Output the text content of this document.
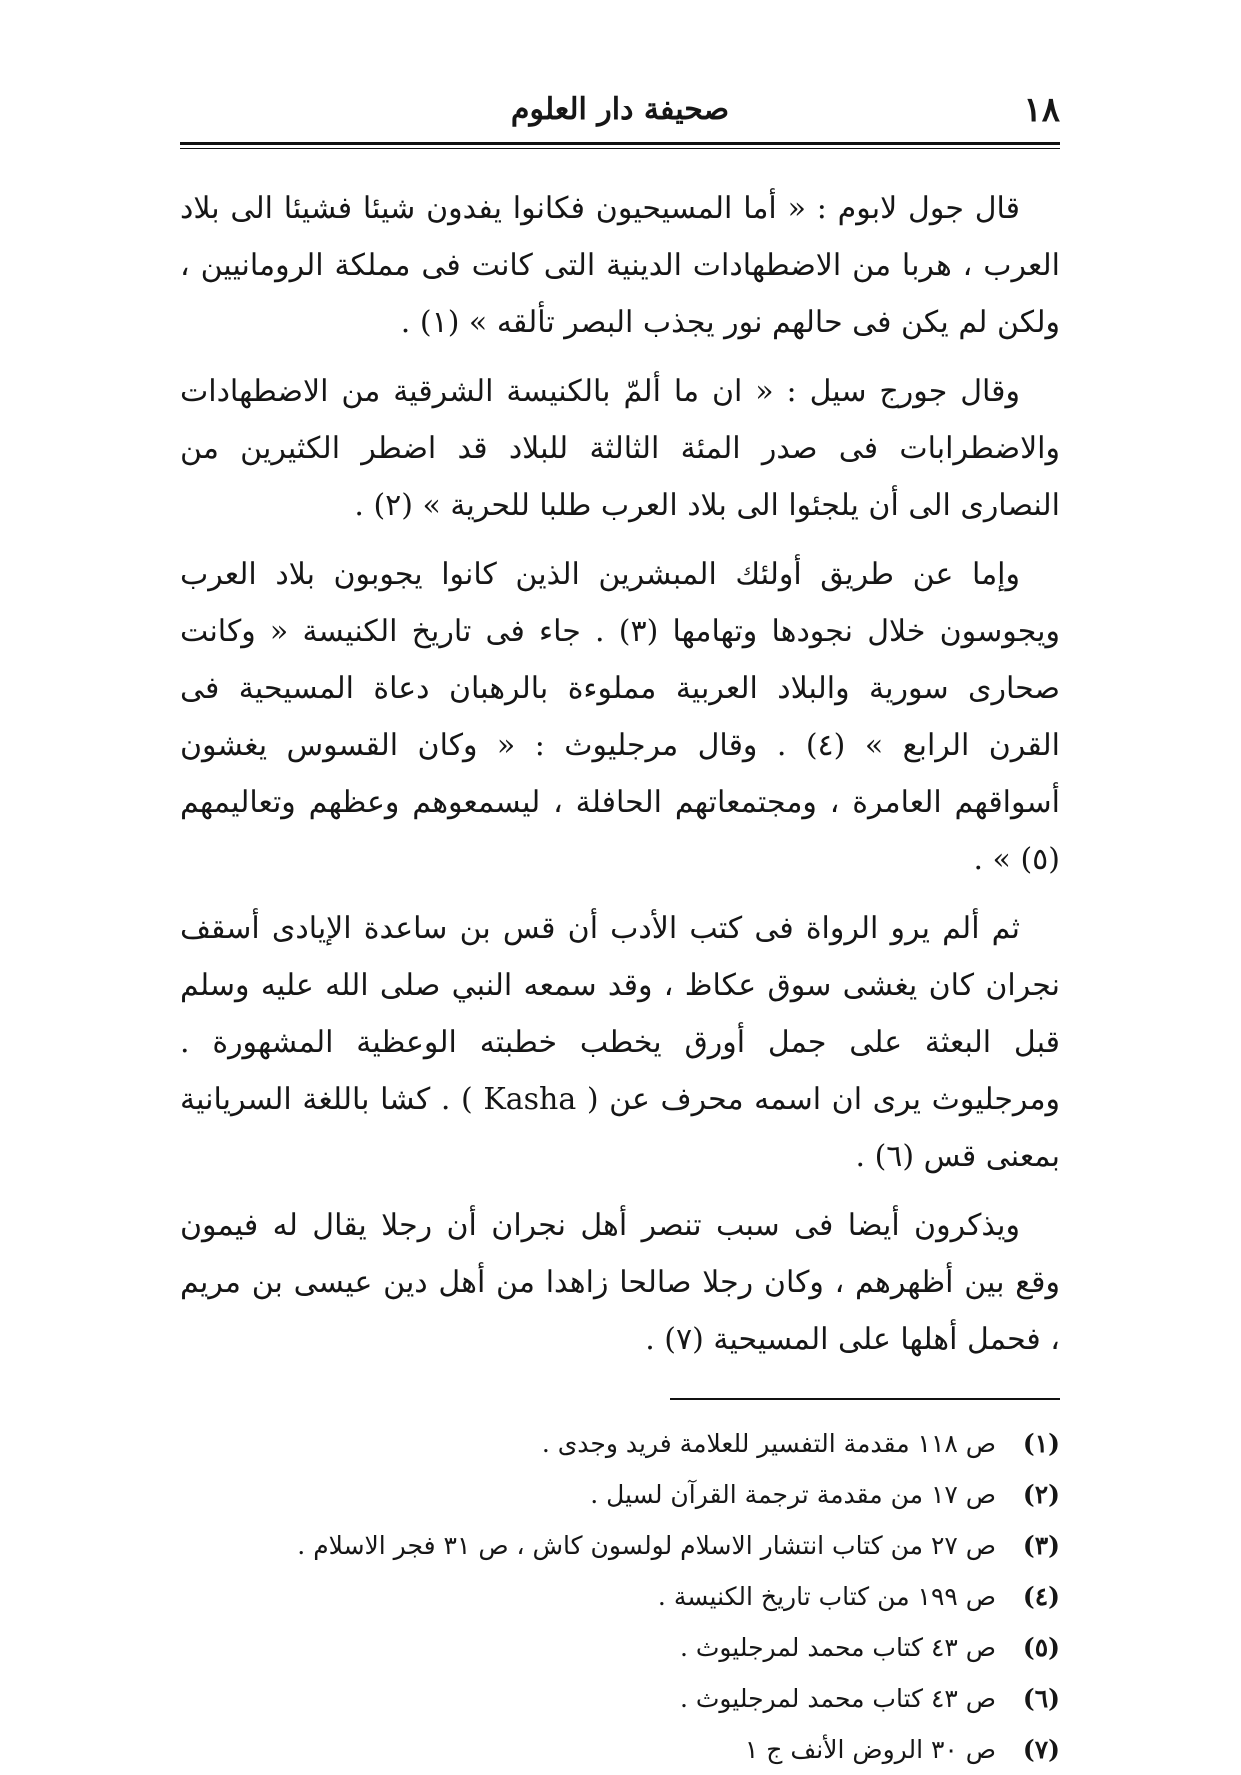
١٨
صحيفة دار العلوم

قال جول لابوم : « أما المسيحيون فكانوا يفدون شيئا فشيئا الى بلاد العرب ، هربا من الاضطهادات الدينية التى كانت فى مملكة الرومانيين ، ولكن لم يكن فى حالهم نور يجذب البصر تألقه » (١) .

وقال جورج سيل : « ان ما ألمّ بالكنيسة الشرقية من الاضطهادات والاضطرابات فى صدر المئة الثالثة للبلاد قد اضطر الكثيرين من النصارى الى أن يلجئوا الى بلاد العرب طلبا للحرية » (٢) .

وإما عن طريق أولئك المبشرين الذين كانوا يجوبون بلاد العرب ويجوسون خلال نجودها وتهامها (٣) . جاء فى تاريخ الكنيسة « وكانت صحارى سورية والبلاد العربية مملوءة بالرهبان دعاة المسيحية فى القرن الرابع » (٤) . وقال مرجليوث : « وكان القسوس يغشون أسواقهم العامرة ، ومجتمعاتهم الحافلة ، ليسمعوهم وعظهم وتعاليمهم (٥) » .

ثم ألم يرو الرواة فى كتب الأدب أن قس بن ساعدة الإيادى أسقف نجران كان يغشى سوق عكاظ ، وقد سمعه النبي صلى الله عليه وسلم قبل البعثة على جمل أورق يخطب خطبته الوعظية المشهورة . ومرجليوث يرى ان اسمه محرف عن ( Kasha ) . كشا باللغة السريانية بمعنى قس (٦) .

ويذكرون أيضا فى سبب تنصر أهل نجران أن رجلا يقال له فيمون وقع بين أظهرهم ، وكان رجلا صالحا زاهدا من أهل دين عيسى بن مريم ، فحمل أهلها على المسيحية (٧) .

(١)
ص ١١٨ مقدمة التفسير للعلامة فريد وجدى .
(٢)
ص ١٧ من مقدمة ترجمة القرآن لسيل .
(٣)
ص ٢٧ من كتاب انتشار الاسلام لولسون كاش ، ص ٣١ فجر الاسلام .
(٤)
ص ١٩٩ من كتاب تاريخ الكنيسة .
(٥)
ص ٤٣ كتاب محمد لمرجليوث .
(٦)
ص ٤٣ كتاب محمد لمرجليوث .
(٧)
ص ٣٠ الروض الأنف ج ١
